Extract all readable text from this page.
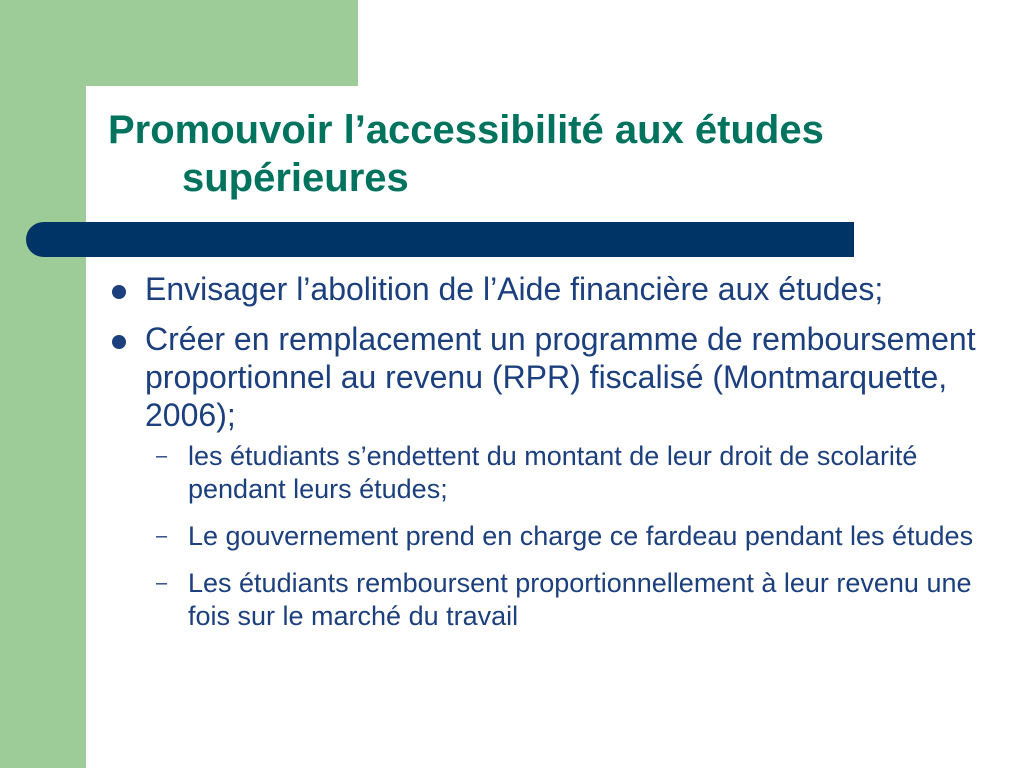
Promouvoir l’accessibilité aux études
supérieures
Envisager l’abolition de l’Aide financière aux études;
Créer en remplacement un programme de remboursement proportionnel au revenu (RPR) fiscalisé (Montmarquette, 2006);
– les étudiants s’endettent du montant de leur droit de scolarité pendant leurs études;
– Le gouvernement prend en charge ce fardeau pendant les études
– Les étudiants remboursent proportionnellement à leur revenu une fois sur le marché du travail
